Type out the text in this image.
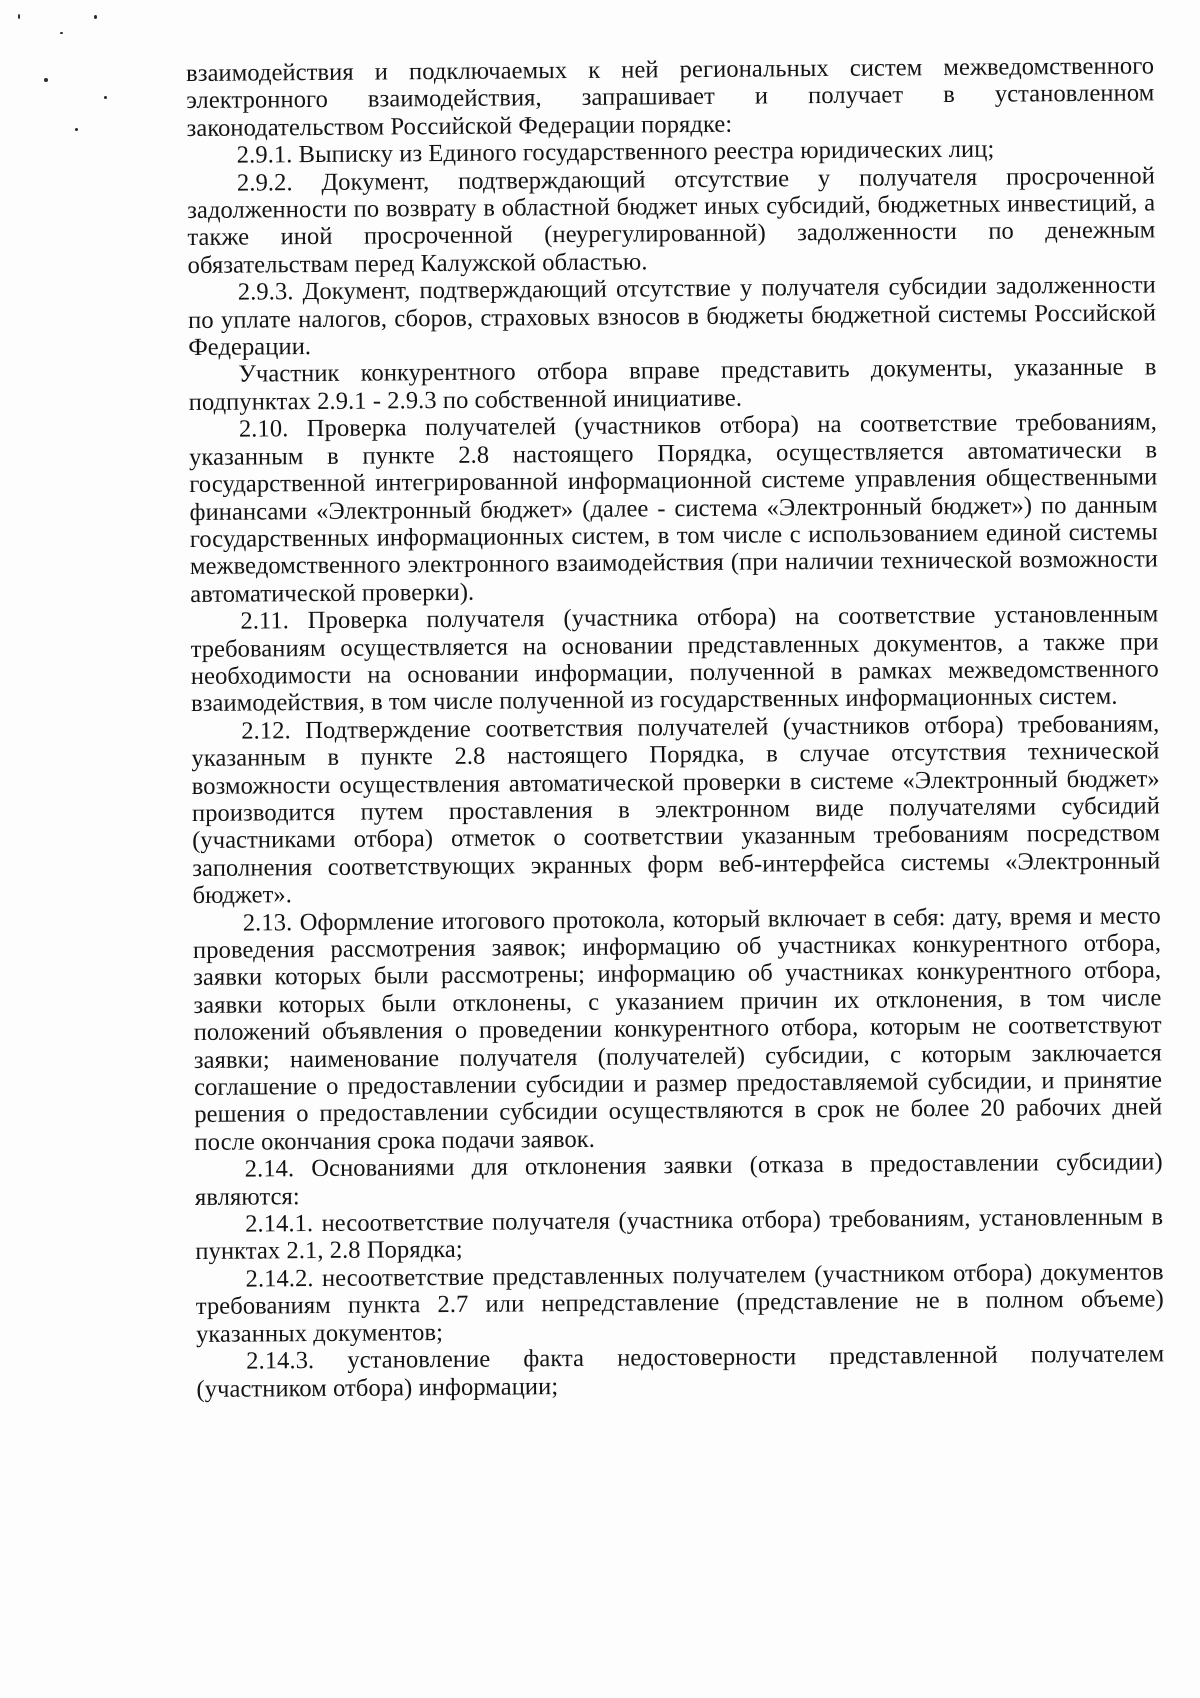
взаимодействия и подключаемых к ней региональных систем межведомственного электронного взаимодействия, запрашивает и получает в установленном законодательством Российской Федерации порядке:

2.9.1. Выписку из Единого государственного реестра юридических лиц;

2.9.2. Документ, подтверждающий отсутствие у получателя просроченной задолженности по возврату в областной бюджет иных субсидий, бюджетных инвестиций, а также иной просроченной (неурегулированной) задолженности по денежным обязательствам перед Калужской областью.

2.9.3. Документ, подтверждающий отсутствие у получателя субсидии задолженности по уплате налогов, сборов, страховых взносов в бюджеты бюджетной системы Российской Федерации.

Участник конкурентного отбора вправе представить документы, указанные в подпунктах 2.9.1 - 2.9.3 по собственной инициативе.

2.10. Проверка получателей (участников отбора) на соответствие требованиям, указанным в пункте 2.8 настоящего Порядка, осуществляется автоматически в государственной интегрированной информационной системе управления общественными финансами «Электронный бюджет» (далее - система «Электронный бюджет») по данным государственных информационных систем, в том числе с использованием единой системы межведомственного электронного взаимодействия (при наличии технической возможности автоматической проверки).

2.11. Проверка получателя (участника отбора) на соответствие установленным требованиям осуществляется на основании представленных документов, а также при необходимости на основании информации, полученной в рамках межведомственного взаимодействия, в том числе полученной из государственных информационных систем.

2.12. Подтверждение соответствия получателей (участников отбора) требованиям, указанным в пункте 2.8 настоящего Порядка, в случае отсутствия технической возможности осуществления автоматической проверки в системе «Электронный бюджет» производится путем проставления в электронном виде получателями субсидий (участниками отбора) отметок о соответствии указанным требованиям посредством заполнения соответствующих экранных форм веб-интерфейса системы «Электронный бюджет».

2.13. Оформление итогового протокола, который включает в себя: дату, время и место проведения рассмотрения заявок; информацию об участниках конкурентного отбора, заявки которых были рассмотрены; информацию об участниках конкурентного отбора, заявки которых были отклонены, с указанием причин их отклонения, в том числе положений объявления о проведении конкурентного отбора, которым не соответствуют заявки; наименование получателя (получателей) субсидии, с которым заключается соглашение о предоставлении субсидии и размер предоставляемой субсидии, и принятие решения о предоставлении субсидии осуществляются в срок не более 20 рабочих дней после окончания срока подачи заявок.

2.14. Основаниями для отклонения заявки (отказа в предоставлении субсидии) являются:

2.14.1. несоответствие получателя (участника отбора) требованиям, установленным в пунктах 2.1, 2.8 Порядка;

2.14.2. несоответствие представленных получателем (участником отбора) документов требованиям пункта 2.7 или непредставление (представление не в полном объеме) указанных документов;

2.14.3. установление факта недостоверности представленной получателем (участником отбора) информации;
